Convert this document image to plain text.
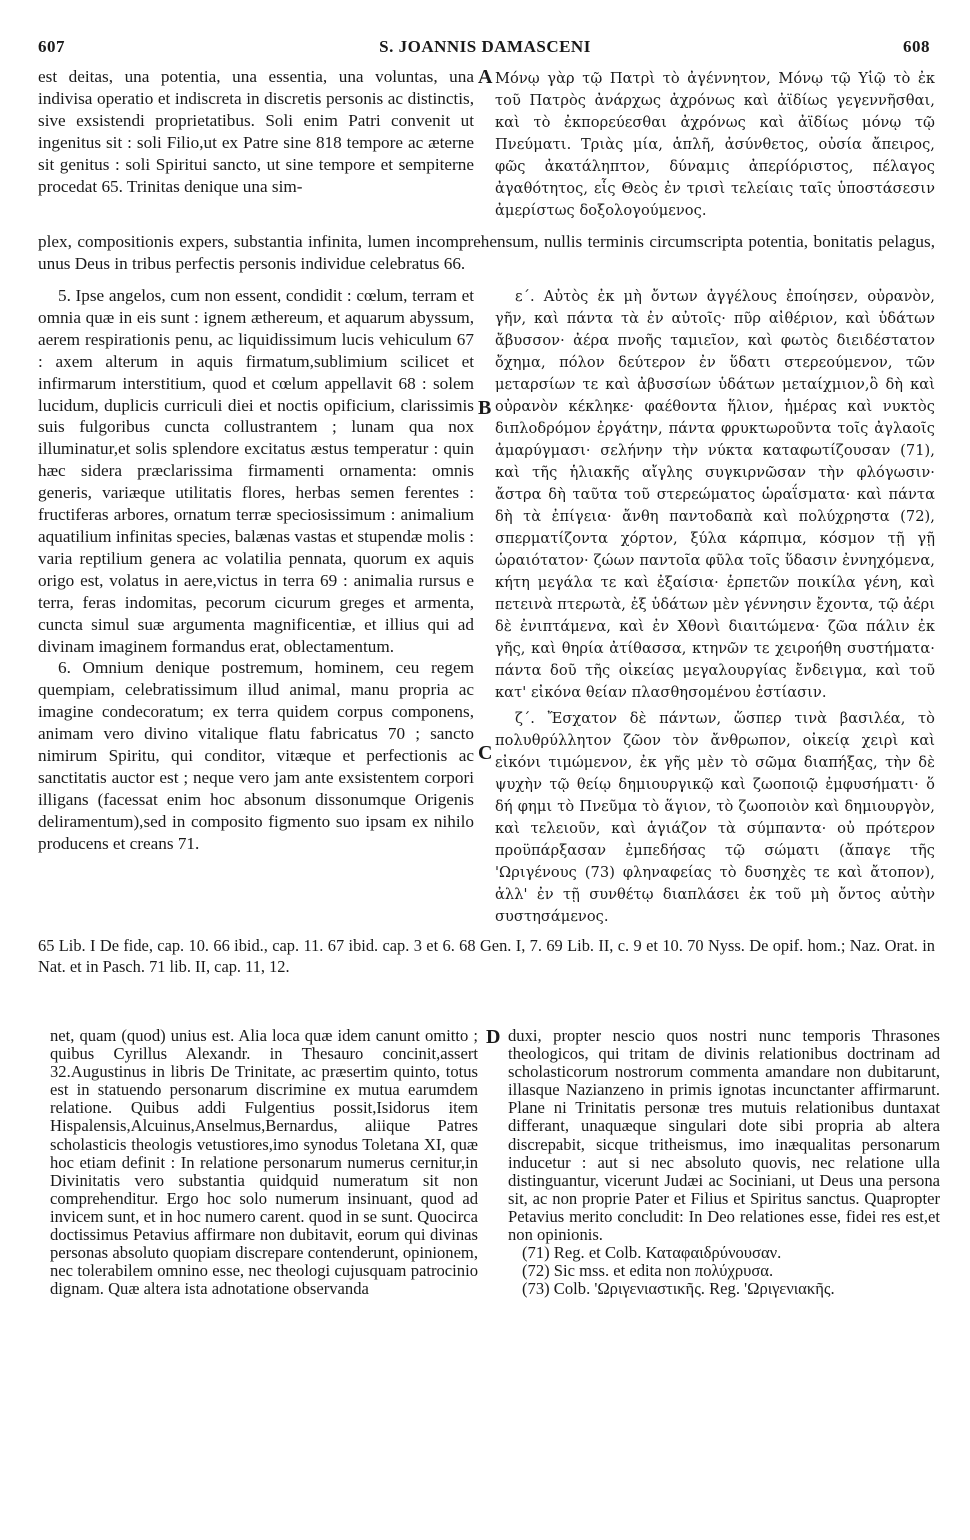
607	S. JOANNIS DAMASCENI	608
A
B
C
D

est deitas, una potentia, una essentia, una voluntas, una indivisa operatio et indiscreta in discretis personis ac distinctis, sive exsistendi proprietatibus. Soli enim Patri convenit ut ingenitus sit : soli Filio,ut ex Patre sine 818 tempore ac æterne sit genitus : soli Spiritui sancto, ut sine tempore et sempiterne procedat 65. Trinitas denique una sim-

Μόνῳ γὰρ τῷ Πατρὶ τὸ ἀγέννητον, Μόνῳ τῷ Υἱῷ τὸ ἐκ τοῦ Πατρὸς ἀνάρχως ἀχρόνως καὶ ἀϊδίως γεγεννῆσθαι, καὶ τὸ ἐκπορεύεσθαι ἀχρόνως καὶ ἀϊδίως μόνῳ τῷ Πνεύματι. Τριὰς μία, ἁπλῆ, ἀσύνθετος, οὐσία ἄπειρος, φῶς ἀκατάληπτον, δύναμις ἀπερίόριστος, πέλαγος ἀγαθότητος, εἷς Θεὸς ἐν τρισὶ τελείαις ταῖς ὑποστάσεσιν ἀμερίστως δοξολογούμενος.

plex, compositionis expers, substantia infinita, lumen incomprehensum, nullis terminis circumscripta potentia, bonitatis pelagus, unus Deus in tribus perfectis personis individue celebratus 66.

5. Ipse angelos, cum non essent, condidit : cœlum, terram et omnia quæ in eis sunt : ignem æthereum, et aquarum abyssum, aerem respirationis penu, ac liquidissimum lucis vehiculum 67 : axem alterum in aquis firmatum,sublimium scilicet et infirmarum interstitium, quod et cœlum appellavit 68 : solem lucidum, duplicis curriculi diei et noctis opificium, clarissimis suis fulgoribus cuncta collustrantem ; lunam qua nox illuminatur,et solis splendore excitatus æstus temperatur : quin hæc sidera præclarissima firmamenti ornamenta: omnis generis, variæque utilitatis flores, herbas semen ferentes : fructiferas arbores, ornatum terræ speciosissimum : animalium aquatilium infinitas species, balænas vastas et stupendæ molis : varia reptilium genera ac volatilia pennata, quorum ex aquis origo est, volatus in aere,victus in terra 69 : animalia rursus e terra, feras indomitas, pecorum cicurum greges et armenta, cuncta simul suæ argumenta magnificentiæ, et illius qui ad divinam imaginem formandus erat, oblectamentum.

6. Omnium denique postremum, hominem, ceu regem quempiam, celebratissimum illud animal, manu propria ac imagine condecoratum; ex terra quidem corpus componens, animam vero divino vitalique flatu fabricatus 70 ; sancto nimirum Spiritu, qui conditor, vitæque et perfectionis ac sanctitatis auctor est ; neque vero jam ante exsistentem corpori illigans (facessat enim hoc absonum dissonumque Origenis deliramentum),sed in composito figmento suo ipsam ex nihilo producens et creans 71.

ε΄. Αὐτὸς ἐκ μὴ ὄντων ἀγγέλους ἐποίησεν, οὐρανὸν, γῆν, καὶ πάντα τὰ ἐν αὐτοῖς· πῦρ αἰθέριον, καὶ ὑδάτων ἄβυσσον· ἀέρα πνοῆς ταμιεῖον, καὶ φωτὸς διειδέστατον ὄχημα, πόλον δεύτερον ἐν ὕδατι στερεούμενον, τῶν μεταρσίων τε καὶ ἀβυσσίων ὑδάτων μεταίχμιον,ὃ δὴ καὶ οὐρανὸν κέκληκε· φαέθοντα ἥλιον, ἡμέρας καὶ νυκτὸς διπλοδρόμον ἐργάτην, πάντα φρυκτωροῦντα τοῖς ἀγλαοῖς ἀμαρύγμασι· σελήνην τὴν νύκτα καταφωτίζουσαν (71), καὶ τῆς ἡλιακῆς αἴγλης συγκιρνῶσαν τὴν φλόγωσιν· ἄστρα δὴ ταῦτα τοῦ στερεώματος ὡραΐσματα· καὶ πάντα δὴ τὰ ἐπίγεια· ἄνθη παντοδαπὰ καὶ πολύχρηστα (72), σπερματίζοντα χόρτον, ξύλα κάρπιμα, κόσμον τῇ γῇ ὡραιότατον· ζώων παντοῖα φῦλα τοῖς ὕδασιν ἐννηχόμενα, κήτη μεγάλα τε καὶ ἐξαίσια· ἑρπετῶν ποικίλα γένη, καὶ πετεινὰ πτερωτὰ, ἐξ ὑδάτων μὲν γέννησιν ἔχοντα, τῷ ἀέρι δὲ ἐνιπτάμενα, καὶ ἐν Χθονὶ διαιτώμενα· ζῶα πάλιν ἐκ γῆς, καὶ θηρία ἀτίθασσα, κτηνῶν τε χειροήθη συστήματα· πάντα δοῦ τῆς οἰκείας μεγαλουργίας ἔνδειγμα, καὶ τοῦ κατ' εἰκόνα θείαν πλασθησομένου ἐστίασιν.

ζ΄. Ἔσχατον δὲ πάντων, ὥσπερ τινὰ βασιλέα, τὸ πολυθρύλλητον ζῶον τὸν ἄνθρωπον, οἰκείᾳ χειρὶ καὶ εἰκόνι τιμώμενον, ἐκ γῆς μὲν τὸ σῶμα διαπήξας, τὴν δὲ ψυχὴν τῷ θείῳ δημιουργικῷ καὶ ζωοποιῷ ἐμφυσήματι· ὅ δή φημι τὸ Πνεῦμα τὸ ἅγιον, τὸ ζωοποιὸν καὶ δημιουργὸν, καὶ τελειοῦν, καὶ ἁγιάζον τὰ σύμπαντα· οὐ πρότερον προϋπάρξασαν ἐμπεδήσας τῷ σώματι (ἄπαγε τῆς 'Ωριγένους (73) φληναφείας τὸ δυσηχὲς τε καὶ ἄτοπον), ἀλλ' ἐν τῇ συνθέτῳ διαπλάσει ἐκ τοῦ μὴ ὄντος αὐτὴν συστησάμενος.

65 Lib. I De fide, cap. 10. 66 ibid., cap. 11. 67 ibid. cap. 3 et 6. 68 Gen. I, 7. 69 Lib. II, c. 9 et 10. 70 Nyss. De opif. hom.; Naz. Orat. in Nat. et in Pasch. 71 lib. II, cap. 11, 12.

net, quam (quod) unius est. Alia loca quæ idem canunt omitto ; quibus Cyrillus Alexandr. in Thesauro concinit,assert 32.Augustinus in libris De Trinitate, ac præsertim quinto, totus est in statuendo personarum discrimine ex mutua earumdem relatione. Quibus addi Fulgentius possit,Isidorus item Hispalensis,Alcuinus,Anselmus,Bernardus, aliique Patres scholasticis theologis vetustiores,imo synodus Toletana XI, quæ hoc etiam definit : In relatione personarum numerus cernitur,in Divinitatis vero substantia quidquid numeratum sit non comprehenditur. Ergo hoc solo numerum insinuant, quod ad invicem sunt, et in hoc numero carent. quod in se sunt. Quocirca doctissimus Petavius affirmare non dubitavit, eorum qui divinas personas absoluto quopiam discrepare contenderunt, opinionem, nec tolerabilem omnino esse, nec theologi cujusquam patrocinio dignam. Quæ altera ista adnotatione observanda

duxi, propter nescio quos nostri nunc temporis Thrasones theologicos, qui tritam de divinis relationibus doctrinam ad scholasticorum nostrorum commenta amandare non dubitarunt, illasque Nazianzeno in primis ignotas incunctanter affirmarunt. Plane ni Trinitatis personæ tres mutuis relationibus duntaxat differant, unaquæque singulari dote sibi propria ab altera discrepabit, sicque tritheismus, imo inæqualitas personarum inducetur : aut si nec absoluto quovis, nec relatione ulla distinguantur, vicerunt Judæi ac Sociniani, ut Deus una persona sit, ac non proprie Pater et Filius et Spiritus sanctus. Quapropter Petavius merito concludit: In Deo relationes esse, fidei res est,et non opinionis.

(71) Reg. et Colb. Καταφαιδρύνουσαν.

(72) Sic mss. et edita non πολύχρυσα.

(73) Colb. 'Ωριγενιαστικῆς. Reg. 'Ωριγενιακῆς.
